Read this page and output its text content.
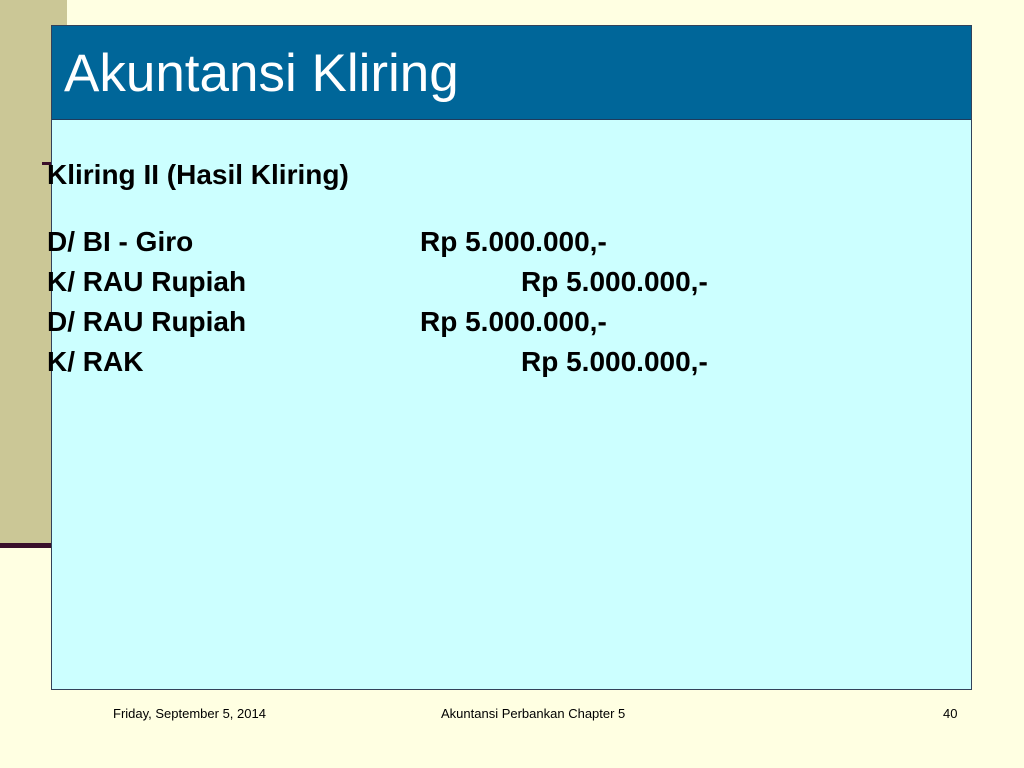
Akuntansi Kliring
Kliring II (Hasil Kliring)
D/ BI - Giro	Rp 5.000.000,-
K/ RAU Rupiah	Rp 5.000.000,-
D/ RAU Rupiah	Rp 5.000.000,-
K/ RAK	Rp 5.000.000,-
Friday, September 5, 2014	Akuntansi Perbankan Chapter 5	40
